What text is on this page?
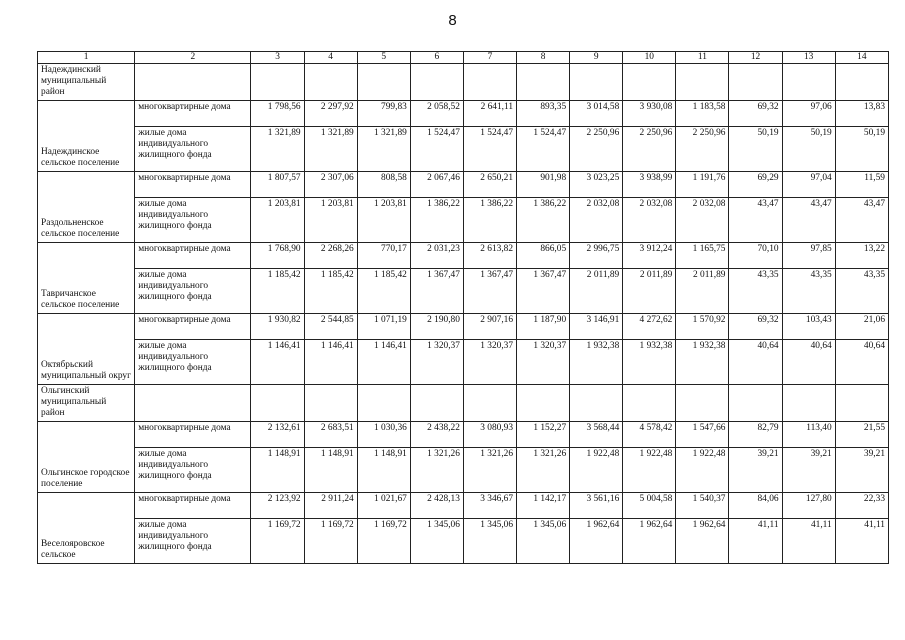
8
1	2	3	4	5	6	7	8	9	10	11	12	13	14
Надеждинский муниципальный район													
Надеждинское сельское поселение	многоквартирные дома	1 798,56	2 297,92	799,83	2 058,52	2 641,11	893,35	3 014,58	3 930,08	1 183,58	69,32	97,06	13,83
	жилые дома индивидуального жилищного фонда	1 321,89	1 321,89	1 321,89	1 524,47	1 524,47	1 524,47	2 250,96	2 250,96	2 250,96	50,19	50,19	50,19
Раздольненское сельское поселение	многоквартирные дома	1 807,57	2 307,06	808,58	2 067,46	2 650,21	901,98	3 023,25	3 938,99	1 191,76	69,29	97,04	11,59
	жилые дома индивидуального жилищного фонда	1 203,81	1 203,81	1 203,81	1 386,22	1 386,22	1 386,22	2 032,08	2 032,08	2 032,08	43,47	43,47	43,47
Тавричанское сельское поселение	многоквартирные дома	1 768,90	2 268,26	770,17	2 031,23	2 613,82	866,05	2 996,75	3 912,24	1 165,75	70,10	97,85	13,22
	жилые дома индивидуального жилищного фонда	1 185,42	1 185,42	1 185,42	1 367,47	1 367,47	1 367,47	2 011,89	2 011,89	2 011,89	43,35	43,35	43,35
Октябрьский муниципальный округ	многоквартирные дома	1 930,82	2 544,85	1 071,19	2 190,80	2 907,16	1 187,90	3 146,91	4 272,62	1 570,92	69,32	103,43	21,06
	жилые дома индивидуального жилищного фонда	1 146,41	1 146,41	1 146,41	1 320,37	1 320,37	1 320,37	1 932,38	1 932,38	1 932,38	40,64	40,64	40,64
Ольгинский муниципальный район													
Ольгинское городское поселение	многоквартирные дома	2 132,61	2 683,51	1 030,36	2 438,22	3 080,93	1 152,27	3 568,44	4 578,42	1 547,66	82,79	113,40	21,55
	жилые дома индивидуального жилищного фонда	1 148,91	1 148,91	1 148,91	1 321,26	1 321,26	1 321,26	1 922,48	1 922,48	1 922,48	39,21	39,21	39,21
Веселояровское сельское	многоквартирные дома	2 123,92	2 911,24	1 021,67	2 428,13	3 346,67	1 142,17	3 561,16	5 004,58	1 540,37	84,06	127,80	22,33
	жилые дома индивидуального жилищного фонда	1 169,72	1 169,72	1 169,72	1 345,06	1 345,06	1 345,06	1 962,64	1 962,64	1 962,64	41,11	41,11	41,11
